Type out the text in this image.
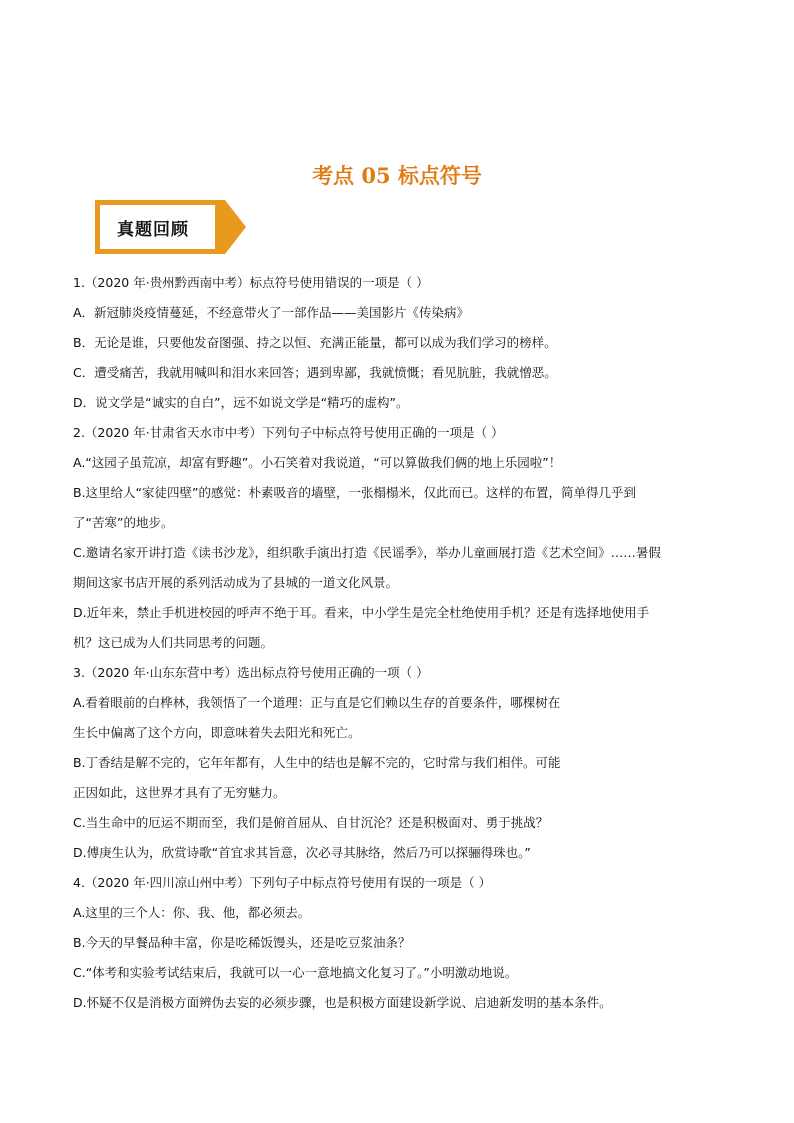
考点 05 标点符号
真题回顾
1.（2020 年·贵州黔西南中考）标点符号使用错误的一项是（ ）
A．新冠肺炎疫情蔓延，不经意带火了一部作品——美国影片《传染病》
B．无论是谁，只要他发奋图强、持之以恒、充满正能量，都可以成为我们学习的榜样。
C．遭受痛苦，我就用喊叫和泪水来回答；遇到卑鄙，我就愤慨；看见肮脏，我就憎恶。
D．说文学是“诚实的自白”，远不如说文学是“精巧的虚构”。
2.（2020 年·甘肃省天水市中考）下列句子中标点符号使用正确的一项是（ ）
A.“这园子虽荒凉，却富有野趣”。小石笑着对我说道，“可以算做我们俩的地上乐园啦”！
B.这里给人“家徒四壁”的感觉：朴素吸音的墙壁，一张榻榻米，仅此而已。这样的布置，简单得几乎到
了“苦寒”的地步。
C.邀请名家开讲打造《读书沙龙》，组织歌手演出打造《民谣季》，举办儿童画展打造《艺术空间》……暑假
期间这家书店开展的系列活动成为了县城的一道文化风景。
D.近年来，禁止手机进校园的呼声不绝于耳。看来，中小学生是完全杜绝使用手机？还是有选择地使用手
机？这已成为人们共同思考的问题。
3.（2020 年·山东东营中考）选出标点符号使用正确的一项（ ）
A.看着眼前的白桦林，我领悟了一个道理：正与直是它们赖以生存的首要条件，哪棵树在
生长中偏离了这个方向，即意味着失去阳光和死亡。
B.丁香结是解不完的，它年年都有，人生中的结也是解不完的，它时常与我们相伴。可能
正因如此，这世界才具有了无穷魅力。
C.当生命中的厄运不期而至，我们是俯首屈从、自甘沉沦？还是积极面对、勇于挑战？
D.傅庚生认为，欣赏诗歌“首宜求其旨意，次必寻其脉络，然后乃可以探骊得珠也。”
4.（2020 年·四川凉山州中考）下列句子中标点符号使用有误的一项是（ ）
A.这里的三个人：你、我、他，都必须去。
B.今天的早餐品种丰富，你是吃稀饭馒头，还是吃豆浆油条？
C.“体考和实验考试结束后，我就可以一心一意地搞文化复习了。”小明激动地说。
D.怀疑不仅是消极方面辨伪去妄的必须步骤，也是积极方面建设新学说、启迪新发明的基本条件。
